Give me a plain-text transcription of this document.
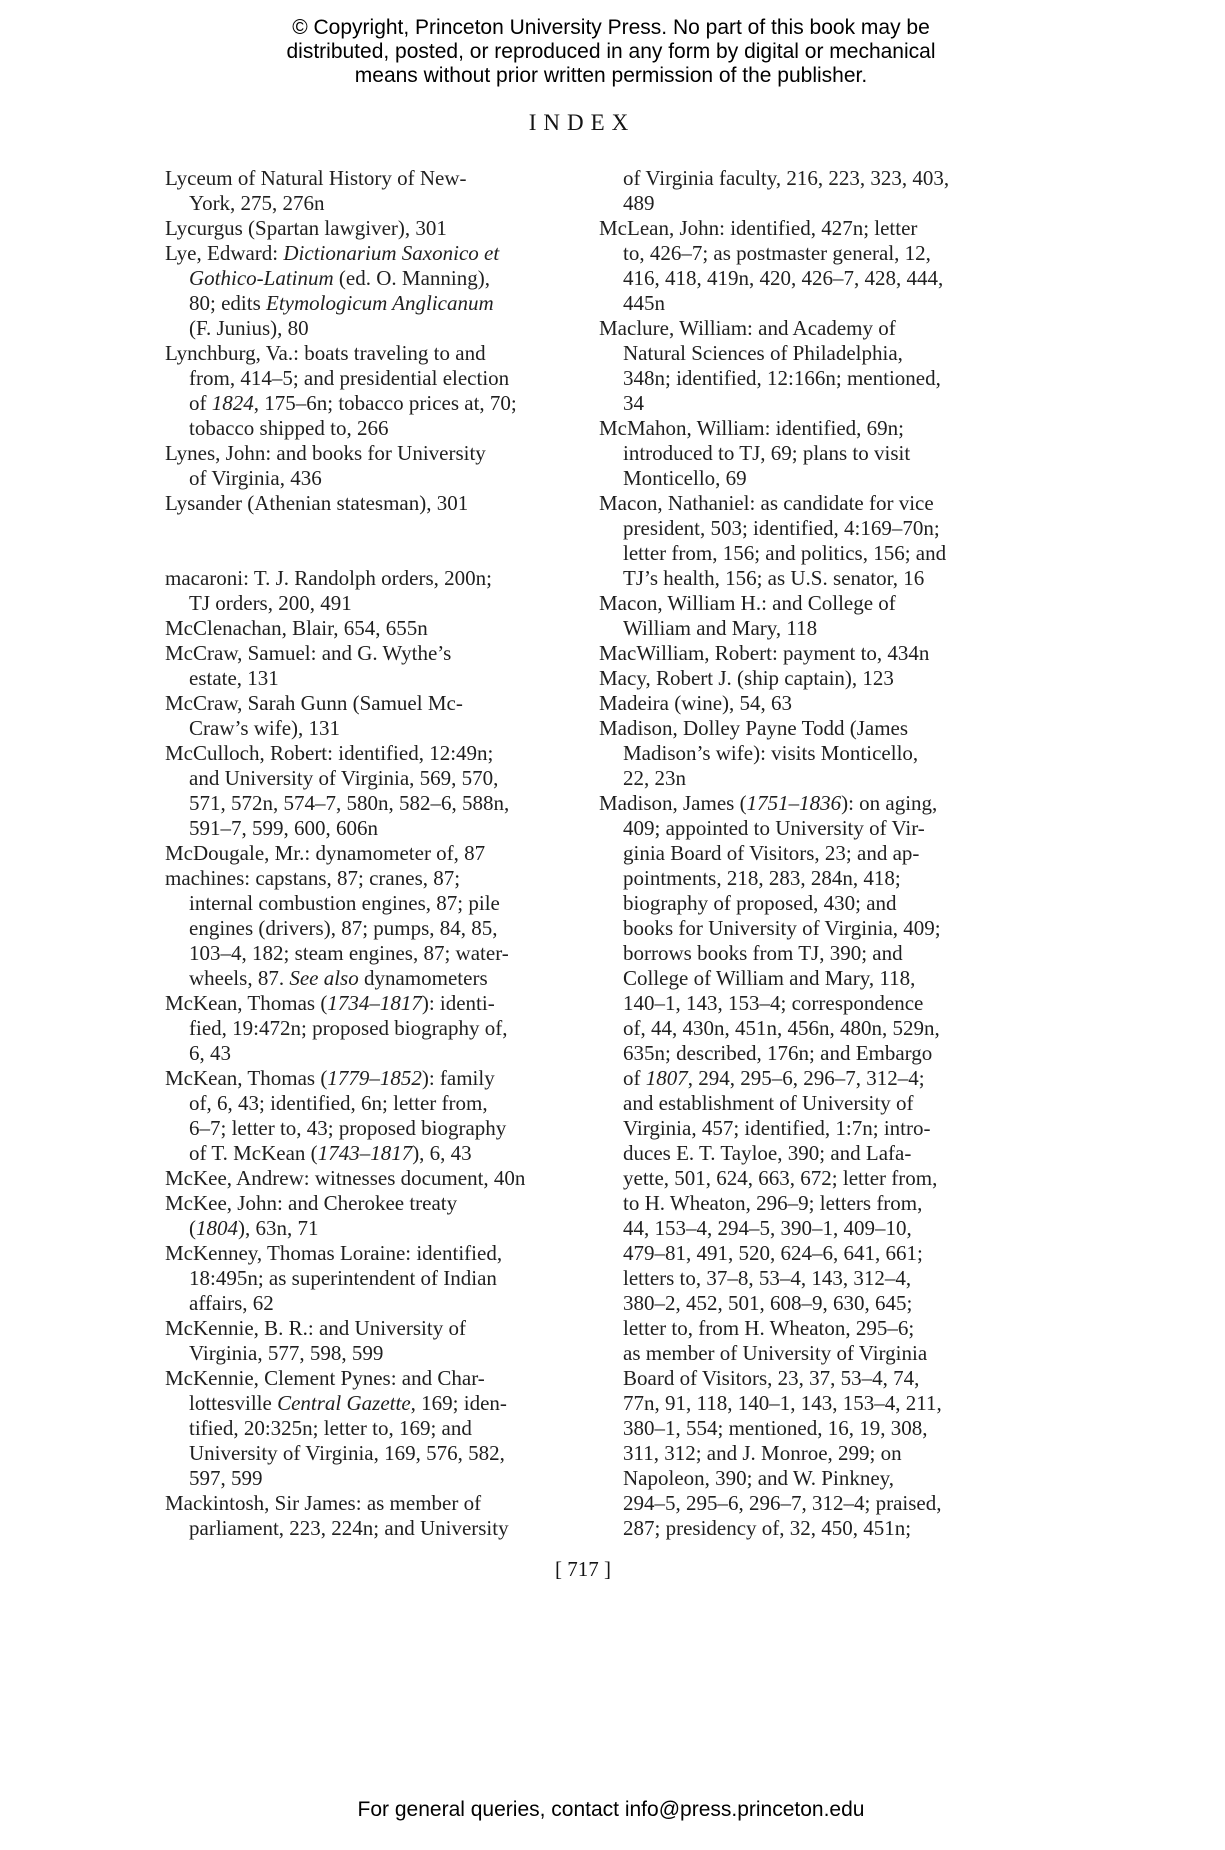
© Copyright, Princeton University Press. No part of this book may be
distributed, posted, or reproduced in any form by digital or mechanical
means without prior written permission of the publisher.
INDEX
Lyceum of Natural History of New-
York, 275, 276n
Lycurgus (Spartan lawgiver), 301
Lye, Edward: Dictionarium Saxonico et
Gothico-Latinum (ed. O. Manning),
80; edits Etymologicum Anglicanum
(F. Junius), 80
Lynchburg, Va.: boats traveling to and
from, 414–5; and presidential election
of 1824, 175–6n; tobacco prices at, 70;
tobacco shipped to, 266
Lynes, John: and books for University
of Virginia, 436
Lysander (Athenian statesman), 301
macaroni: T. J. Randolph orders, 200n;
TJ orders, 200, 491
McClenachan, Blair, 654, 655n
McCraw, Samuel: and G. Wythe’s
estate, 131
McCraw, Sarah Gunn (Samuel Mc-
Craw’s wife), 131
McCulloch, Robert: identified, 12:49n;
and University of Virginia, 569, 570,
571, 572n, 574–7, 580n, 582–6, 588n,
591–7, 599, 600, 606n
McDougale, Mr.: dynamometer of, 87
machines: capstans, 87; cranes, 87;
internal combustion engines, 87; pile
engines (drivers), 87; pumps, 84, 85,
103–4, 182; steam engines, 87; water-
wheels, 87. See also dynamometers
McKean, Thomas (1734–1817): identi-
fied, 19:472n; proposed biography of,
6, 43
McKean, Thomas (1779–1852): family
of, 6, 43; identified, 6n; letter from,
6–7; letter to, 43; proposed biography
of T. McKean (1743–1817), 6, 43
McKee, Andrew: witnesses document, 40n
McKee, John: and Cherokee treaty
(1804), 63n, 71
McKenney, Thomas Loraine: identified,
18:495n; as superintendent of Indian
affairs, 62
McKennie, B. R.: and University of
Virginia, 577, 598, 599
McKennie, Clement Pynes: and Char-
lottesville Central Gazette, 169; iden-
tified, 20:325n; letter to, 169; and
University of Virginia, 169, 576, 582,
597, 599
Mackintosh, Sir James: as member of
parliament, 223, 224n; and University
of Virginia faculty, 216, 223, 323, 403,
489
McLean, John: identified, 427n; letter
to, 426–7; as postmaster general, 12,
416, 418, 419n, 420, 426–7, 428, 444,
445n
Maclure, William: and Academy of
Natural Sciences of Philadelphia,
348n; identified, 12:166n; mentioned,
34
McMahon, William: identified, 69n;
introduced to TJ, 69; plans to visit
Monticello, 69
Macon, Nathaniel: as candidate for vice
president, 503; identified, 4:169–70n;
letter from, 156; and politics, 156; and
TJ’s health, 156; as U.S. senator, 16
Macon, William H.: and College of
William and Mary, 118
MacWilliam, Robert: payment to, 434n
Macy, Robert J. (ship captain), 123
Madeira (wine), 54, 63
Madison, Dolley Payne Todd (James
Madison’s wife): visits Monticello,
22, 23n
Madison, James (1751–1836): on aging,
409; appointed to University of Vir-
ginia Board of Visitors, 23; and ap-
pointments, 218, 283, 284n, 418;
biography of proposed, 430; and
books for University of Virginia, 409;
borrows books from TJ, 390; and
College of William and Mary, 118,
140–1, 143, 153–4; correspondence
of, 44, 430n, 451n, 456n, 480n, 529n,
635n; described, 176n; and Embargo
of 1807, 294, 295–6, 296–7, 312–4;
and establishment of University of
Virginia, 457; identified, 1:7n; intro-
duces E. T. Tayloe, 390; and Lafa-
yette, 501, 624, 663, 672; letter from,
to H. Wheaton, 296–9; letters from,
44, 153–4, 294–5, 390–1, 409–10,
479–81, 491, 520, 624–6, 641, 661;
letters to, 37–8, 53–4, 143, 312–4,
380–2, 452, 501, 608–9, 630, 645;
letter to, from H. Wheaton, 295–6;
as member of University of Virginia
Board of Visitors, 23, 37, 53–4, 74,
77n, 91, 118, 140–1, 143, 153–4, 211,
380–1, 554; mentioned, 16, 19, 308,
311, 312; and J. Monroe, 299; on
Napoleon, 390; and W. Pinkney,
294–5, 295–6, 296–7, 312–4; praised,
287; presidency of, 32, 450, 451n;
[ 717 ]
For general queries, contact info@press.princeton.edu
